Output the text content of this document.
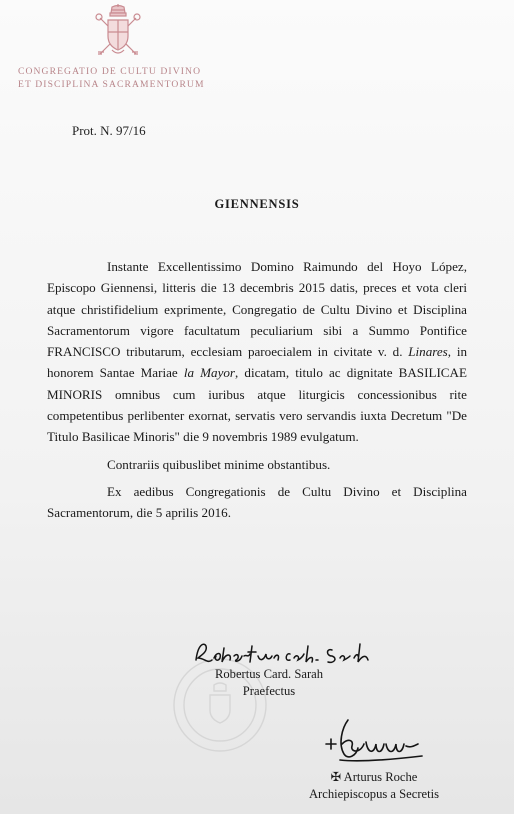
CONGREGATIO DE CULTU DIVINO
ET DISCIPLINA SACRAMENTORUM
Prot. N. 97/16
GIENNENSIS

Instante Excellentissimo Domino Raimundo del Hoyo López, Episcopo Giennensi, litteris die 13 decembris 2015 datis, preces et vota cleri atque christifidelium exprimente, Congregatio de Cultu Divino et Disciplina Sacramentorum vigore facultatum peculiarium sibi a Summo Pontifice FRANCISCO tributarum, ecclesiam paroecialem in civitate v. d. Linares, in honorem Santae Mariae la Mayor, dicatam, titulo ac dignitate BASILICAE MINORIS omnibus cum iuribus atque liturgicis concessionibus rite competentibus perlibenter exornat, servatis vero servandis iuxta Decretum "De Titulo Basilicae Minoris" die 9 novembris 1989 evulgatum.

Contrariis quibuslibet minime obstantibus.

Ex aedibus Congregationis de Cultu Divino et Disciplina Sacramentorum, die 5 aprilis 2016.

Robertus Card. Sarah
Praefectus
✠ Arturus Roche
Archiepiscopus a Secretis
